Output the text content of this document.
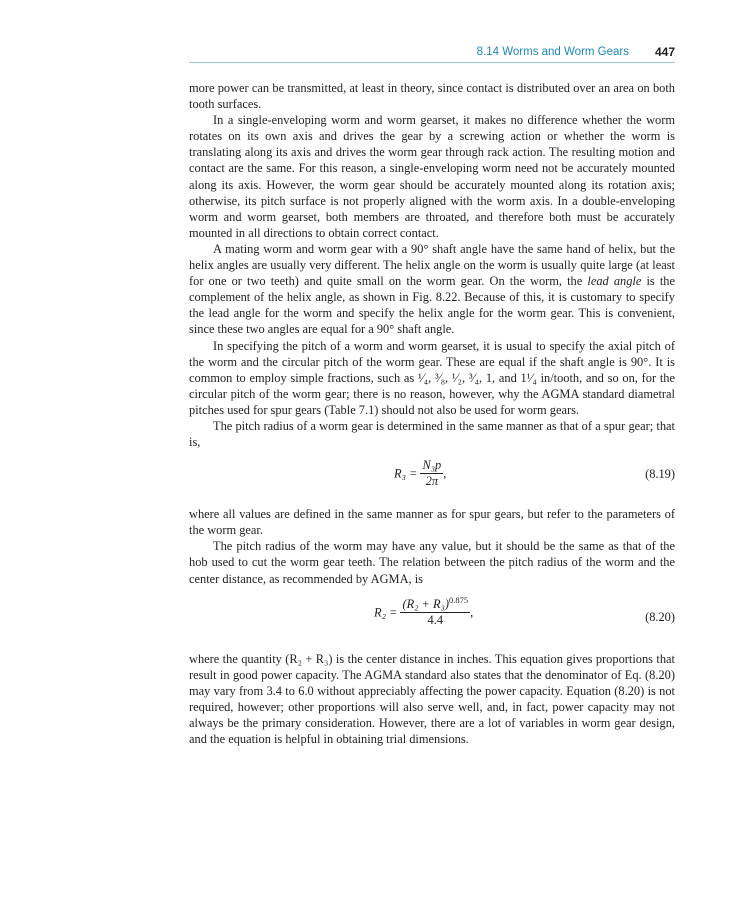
8.14 Worms and Worm Gears 447

more power can be transmitted, at least in theory, since contact is distributed over an area on both tooth surfaces.

In a single-enveloping worm and worm gearset, it makes no difference whether the worm rotates on its own axis and drives the gear by a screwing action or whether the worm is translating along its axis and drives the worm gear through rack action. The resulting motion and contact are the same. For this reason, a single-enveloping worm need not be accurately mounted along its axis. However, the worm gear should be accurately mounted along its rotation axis; otherwise, its pitch surface is not properly aligned with the worm axis. In a double-enveloping worm and worm gearset, both members are throated, and therefore both must be accurately mounted in all directions to obtain correct contact.

A mating worm and worm gear with a 90° shaft angle have the same hand of helix, but the helix angles are usually very different. The helix angle on the worm is usually quite large (at least for one or two teeth) and quite small on the worm gear. On the worm, the lead angle is the complement of the helix angle, as shown in Fig. 8.22. Because of this, it is customary to specify the lead angle for the worm and specify the helix angle for the worm gear. This is convenient, since these two angles are equal for a 90° shaft angle.

In specifying the pitch of a worm and worm gearset, it is usual to specify the axial pitch of the worm and the circular pitch of the worm gear. These are equal if the shaft angle is 90°. It is common to employ simple fractions, such as ¹⁄₄, ³⁄₈, ¹⁄₂, ³⁄₄, 1, and 1¹⁄₄ in/tooth, and so on, for the circular pitch of the worm gear; there is no reason, however, why the AGMA standard diametral pitches used for spur gears (Table 7.1) should not also be used for worm gears.

The pitch radius of a worm gear is determined in the same manner as that of a spur gear; that is,

$R_3 = \frac{\text{N₃p}}{2\pi}$ ,	(8.19)

where all values are defined in the same manner as for spur gears, but refer to the parameters of the worm gear.

The pitch radius of the worm may have any value, but it should be the same as that of the hob used to cut the worm gear teeth. The relation between the pitch radius of the worm and the center distance, as recommended by AGMA, is

$R_2 = \frac{(R_2 + R_3)^{0.875}}{4.4}$ ,	(8.20)

where the quantity (R₂ + R₃) is the center distance in inches. This equation gives proportions that result in good power capacity. The AGMA standard also states that the denominator of Eq. (8.20) may vary from 3.4 to 6.0 without appreciably affecting the power capacity. Equation (8.20) is not required, however; other proportions will also serve well, and, in fact, power capacity may not always be the primary consideration. However, there are a lot of variables in worm gear design, and the equation is helpful in obtaining trial dimensions.
